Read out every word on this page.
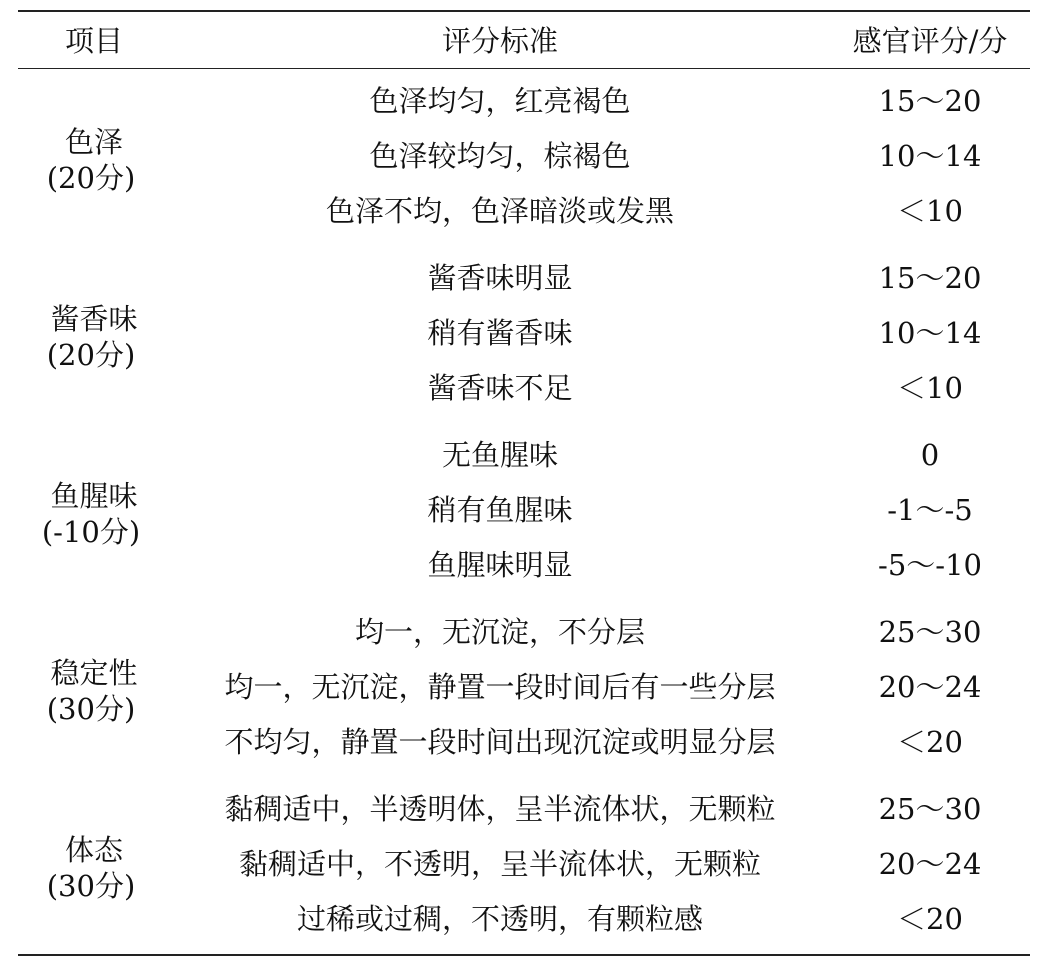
项目	评分标准	感官评分/分

色泽
(20分)	色泽均匀，红亮褐色	15～20
	色泽较均匀，棕褐色	10～14
	色泽不均，色泽暗淡或发黑	＜10

酱香味
(20分)	酱香味明显	15～20
	稍有酱香味	10～14
	酱香味不足	＜10

鱼腥味
(-10分)	无鱼腥味	0
	稍有鱼腥味	-1～-5
	鱼腥味明显	-5～-10

稳定性
(30分)	均一，无沉淀，不分层	25～30
	均一，无沉淀，静置一段时间后有一些分层	20～24
	不均匀，静置一段时间出现沉淀或明显分层	＜20

体态
(30分)	黏稠适中，半透明体，呈半流体状，无颗粒	25～30
	黏稠适中，不透明，呈半流体状，无颗粒	20～24
	过稀或过稠，不透明，有颗粒感	＜20
